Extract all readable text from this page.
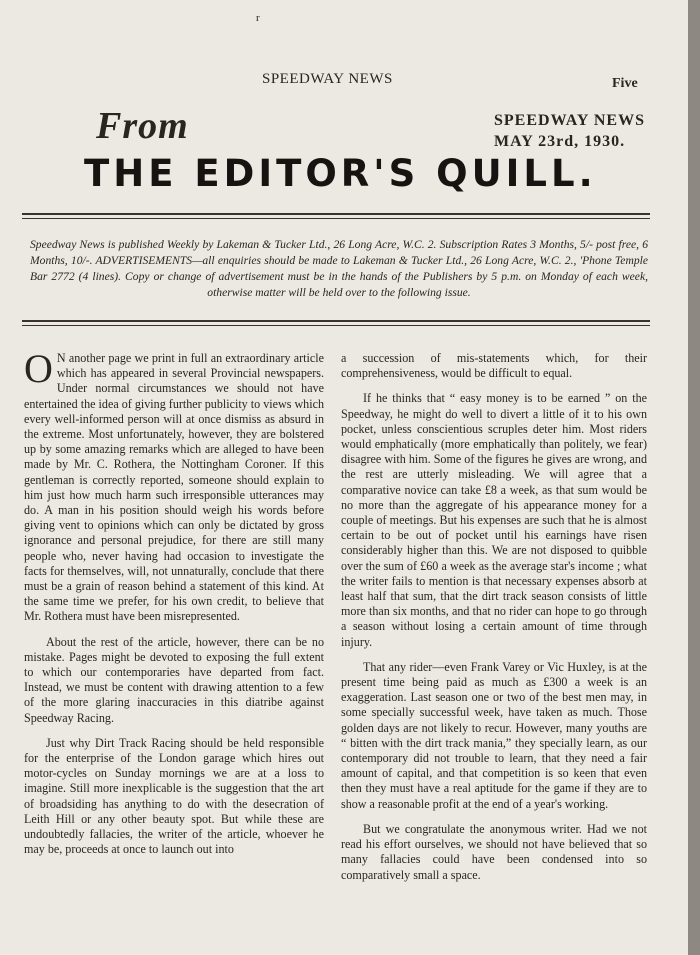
r
SPEEDWAY NEWS	Five
From	SPEEDWAY NEWS
MAY 23rd, 1930.
THE EDITOR'S QUILL.
Speedway News is published Weekly by Lakeman & Tucker Ltd., 26 Long Acre, W.C. 2. Subscription Rates 3 Months, 5/- post free, 6 Months, 10/-. ADVERTISEMENTS—all enquiries should be made to Lakeman & Tucker Ltd., 26 Long Acre, W.C. 2., 'Phone Temple Bar 2772 (4 lines). Copy or change of advertisement must be in the hands of the Publishers by 5 p.m. on Monday of each week, otherwise matter will be held over to the following issue.

O N another page we print in full an extraordinary article which has appeared in several Provincial newspapers. Under normal circumstances we should not have entertained the idea of giving further publicity to views which every well-informed person will at once dismiss as absurd in the extreme. Most unfortunately, however, they are bolstered up by some amazing remarks which are alleged to have been made by Mr. C. Rothera, the Nottingham Coroner. If this gentleman is correctly reported, someone should explain to him just how much harm such irresponsible utterances may do. A man in his position should weigh his words before giving vent to opinions which can only be dictated by gross ignorance and personal prejudice, for there are still many people who, never having had occasion to investigate the facts for themselves, will, not unnaturally, conclude that there must be a grain of reason behind a statement of this kind. At the same time we prefer, for his own credit, to believe that Mr. Rothera must have been misrepresented.

About the rest of the article, however, there can be no mistake. Pages might be devoted to exposing the full extent to which our contemporaries have departed from fact. Instead, we must be content with drawing attention to a few of the more glaring inaccuracies in this diatribe against Speedway Racing.

Just why Dirt Track Racing should be held responsible for the enterprise of the London garage which hires out motor-cycles on Sunday mornings we are at a loss to imagine. Still more inexplicable is the suggestion that the art of broadsiding has anything to do with the desecration of Leith Hill or any other beauty spot. But while these are undoubtedly fallacies, the writer of the article, whoever he may be, proceeds at once to launch out into

a succession of mis-statements which, for their comprehensiveness, would be difficult to equal.

If he thinks that “ easy money is to be earned ” on the Speedway, he might do well to divert a little of it to his own pocket, unless conscientious scruples deter him. Most riders would emphatically (more emphatically than politely, we fear) disagree with him. Some of the figures he gives are wrong, and the rest are utterly misleading. We will agree that a comparative novice can take £8 a week, as that sum would be no more than the aggregate of his appearance money for a couple of meetings. But his expenses are such that he is almost certain to be out of pocket until his earnings have risen considerably higher than this. We are not disposed to quibble over the sum of £60 a week as the average star's income ; what the writer fails to mention is that necessary expenses absorb at least half that sum, that the dirt track season consists of little more than six months, and that no rider can hope to go through a season without losing a certain amount of time through injury.

That any rider—even Frank Varey or Vic Huxley, is at the present time being paid as much as £300 a week is an exaggeration. Last season one or two of the best men may, in some specially successful week, have taken as much. Those golden days are not likely to recur. However, many youths are “ bitten with the dirt track mania,” they specially learn, as our contemporary did not trouble to learn, that they need a fair amount of capital, and that competition is so keen that even then they must have a real aptitude for the game if they are to show a reasonable profit at the end of a year's working.

But we congratulate the anonymous writer. Had we not read his effort ourselves, we should not have believed that so many fallacies could have been condensed into so comparatively small a space.
